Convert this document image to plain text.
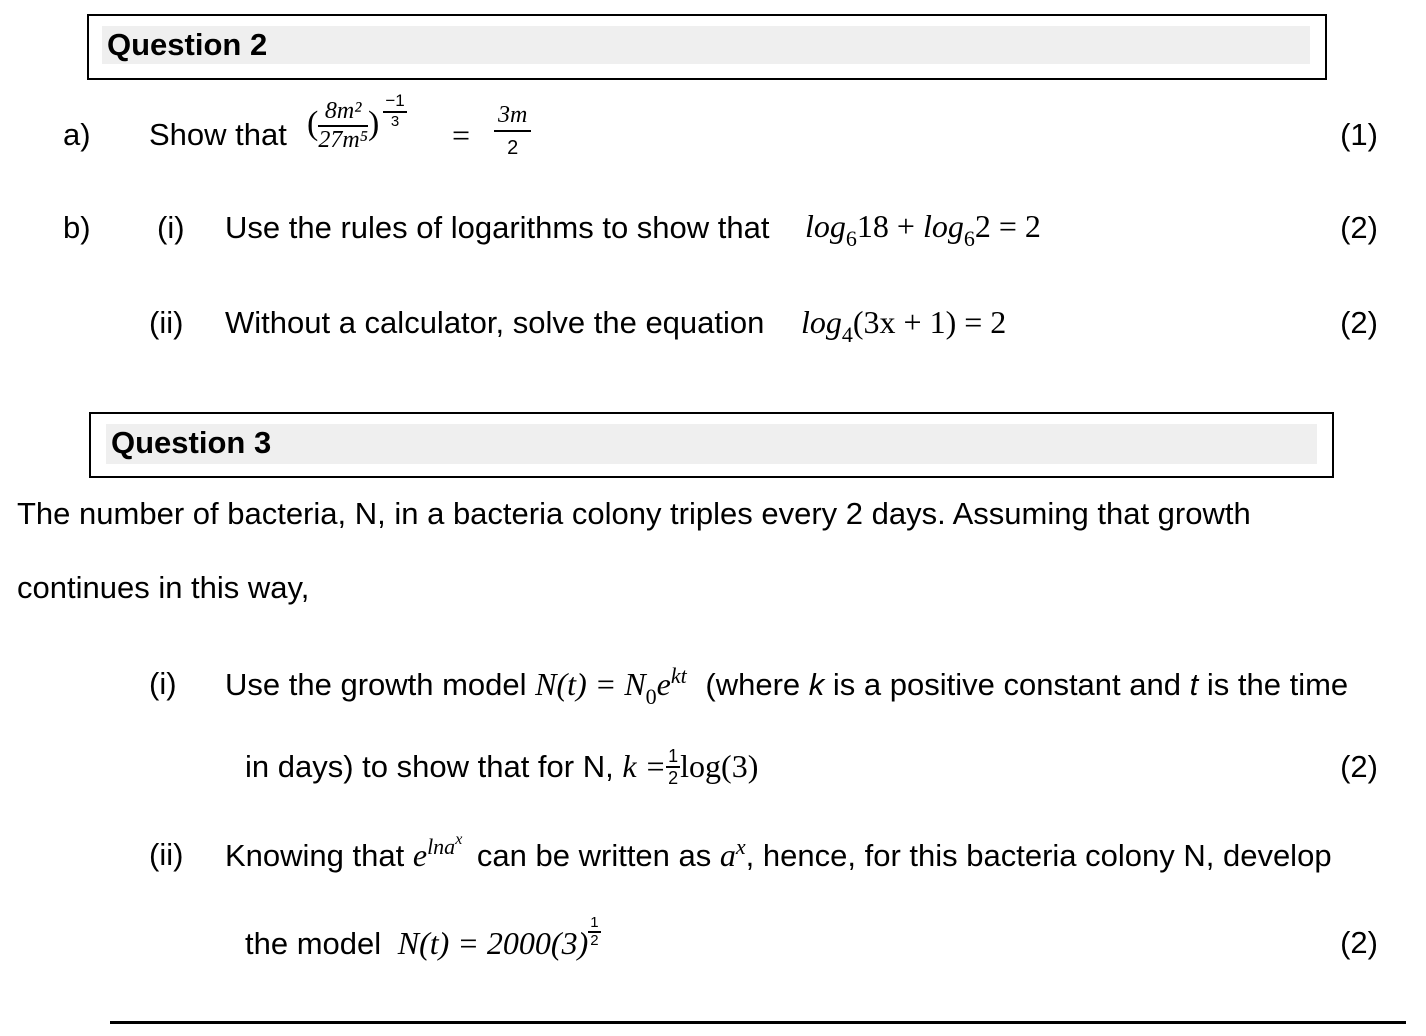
Question 2
a) Show that ( $\frac{\text{8m²}}{\text{27m⁵}}$ ) $\frac{-1}{3}$
= $\frac{3m}{2}$	(1)
b) (i) Use the rules of logarithms to show that $\log_618 + \log_62 = 2$	(2)
(ii) Without a calculator, solve the equation $\log_4(3x + 1) = 2$	(2)
Question 3
The number of bacteria, N, in a bacteria colony triples every 2 days. Assuming that growth
continues in this way,
(i) Use the growth model $N(t) = N_0e^{kt}$ (where k is a positive constant and t is the time
in days) to show that for N, $k = \frac{1}{2} \log(3)$	(2)
(ii) Knowing that $e^{lnax}$ can be written as $a^x$, hence, for this bacteria colony N, develop
the model $N(t) = 2000(3) \frac{1}{2}$	(2)
